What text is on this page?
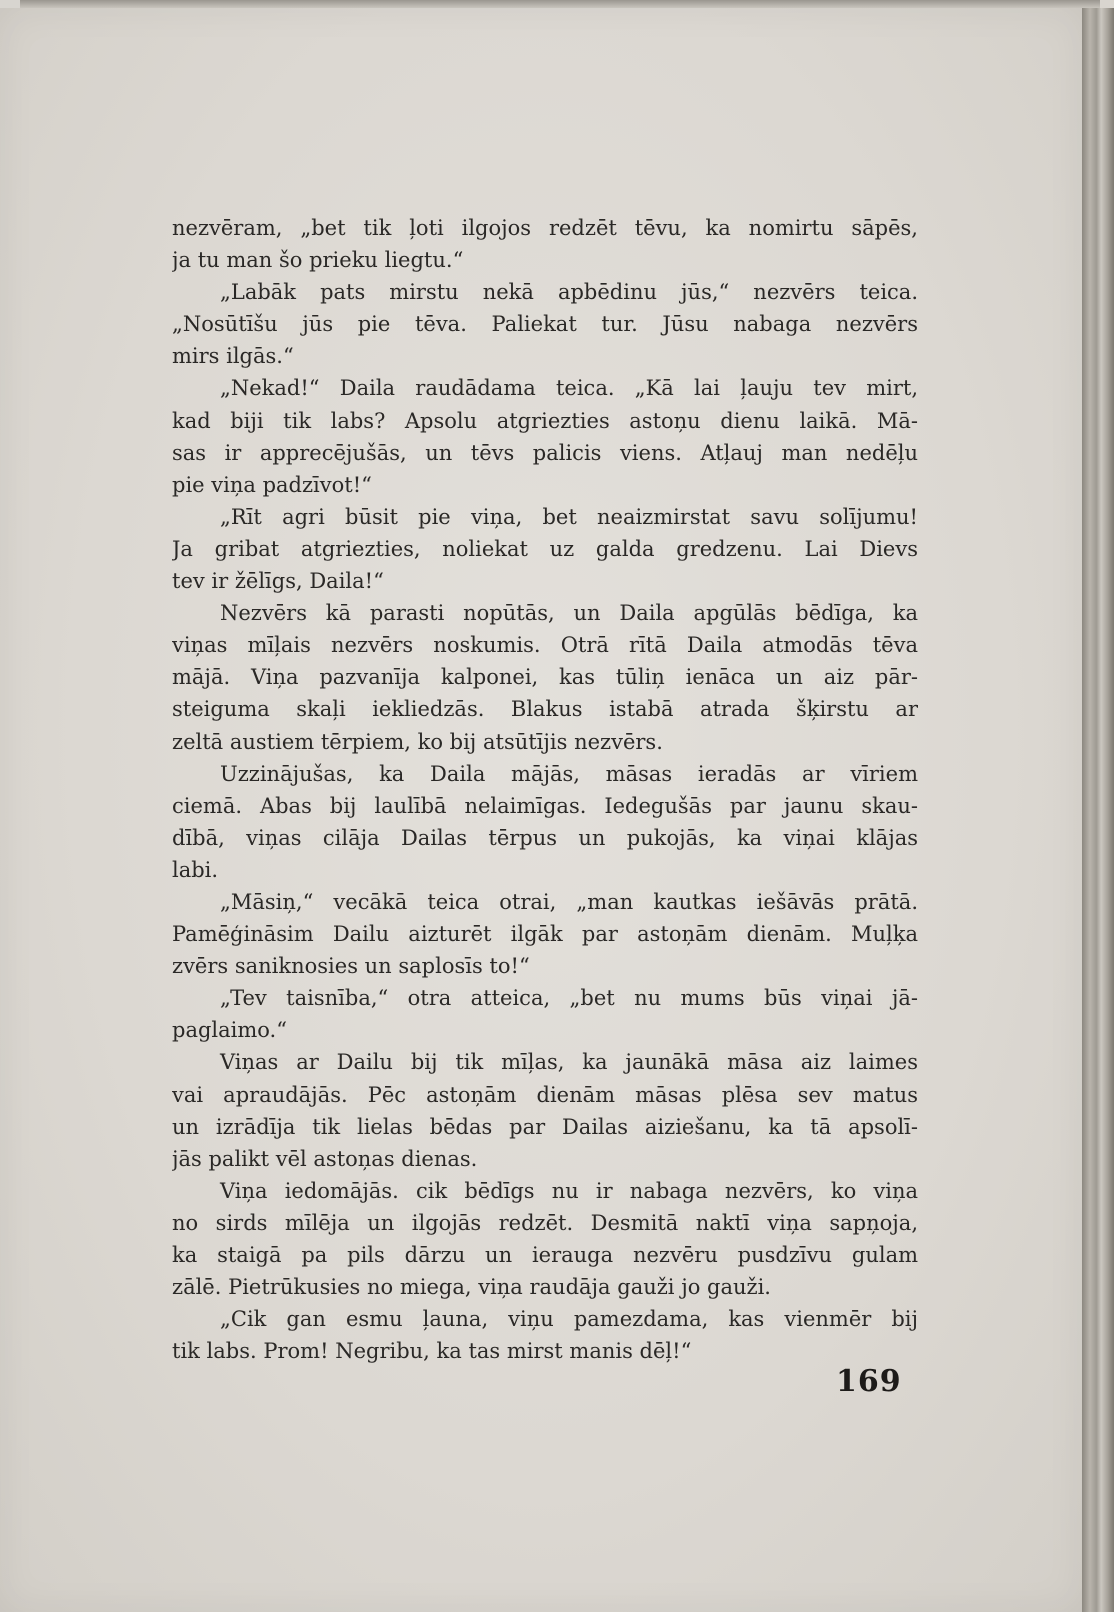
nezvēram, „bet tik ļoti ilgojos redzēt tēvu, ka nomirtu sāpēs,
ja tu man šo prieku liegtu.“
„Labāk pats mirstu nekā apbēdinu jūs,“ nezvērs teica.
„Nosūtīšu jūs pie tēva. Paliekat tur. Jūsu nabaga nezvērs
mirs ilgās.“
„Nekad!“ Daila raudādama teica. „Kā lai ļauju tev mirt,
kad biji tik labs? Apsolu atgriezties astoņu dienu laikā. Mā-
sas ir apprecējušās, un tēvs palicis viens. Atļauj man nedēļu
pie viņa padzīvot!“
„Rīt agri būsit pie viņa, bet neaizmirstat savu solījumu!
Ja gribat atgriezties, noliekat uz galda gredzenu. Lai Dievs
tev ir žēlīgs, Daila!“
Nezvērs kā parasti nopūtās, un Daila apgūlās bēdīga, ka
viņas mīļais nezvērs noskumis. Otrā rītā Daila atmodās tēva
mājā. Viņa pazvanīja kalponei, kas tūliņ ienāca un aiz pār-
steiguma skaļi iekliedzās. Blakus istabā atrada šķirstu ar
zeltā austiem tērpiem, ko bij atsūtījis nezvērs.
Uzzinājušas, ka Daila mājās, māsas ieradās ar vīriem
ciemā. Abas bij laulībā nelaimīgas. Iedegušās par jaunu skau-
dībā, viņas cilāja Dailas tērpus un pukojās, ka viņai klājas
labi.
„Māsiņ,“ vecākā teica otrai, „man kautkas iešāvās prātā.
Pamēģināsim Dailu aizturēt ilgāk par astoņām dienām. Muļķa
zvērs saniknosies un saplosīs to!“
„Tev taisnība,“ otra atteica, „bet nu mums būs viņai jā-
paglaimo.“
Viņas ar Dailu bij tik mīļas, ka jaunākā māsa aiz laimes
vai apraudājās. Pēc astoņām dienām māsas plēsa sev matus
un izrādīja tik lielas bēdas par Dailas aiziešanu, ka tā apsolī-
jās palikt vēl astoņas dienas.
Viņa iedomājās. cik bēdīgs nu ir nabaga nezvērs, ko viņa
no sirds mīlēja un ilgojās redzēt. Desmitā naktī viņa sapņoja,
ka staigā pa pils dārzu un ierauga nezvēru pusdzīvu gulam
zālē. Pietrūkusies no miega, viņa raudāja gauži jo gauži.
„Cik gan esmu ļauna, viņu pamezdama, kas vienmēr bij
tik labs. Prom! Negribu, ka tas mirst manis dēļ!“
169
